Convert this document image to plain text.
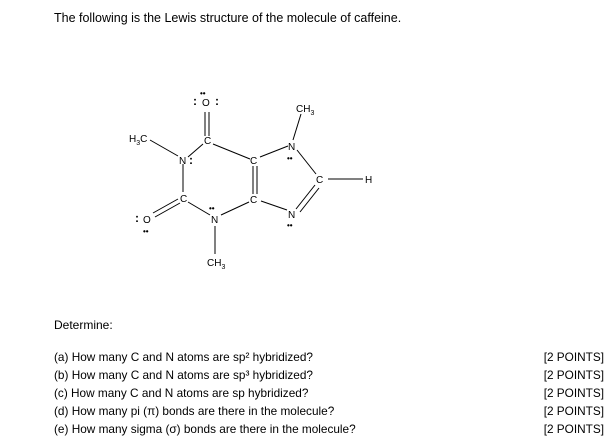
The following is the Lewis structure of the molecule of caffeine.
O
: :
••
$CH_3$
$H_3C$
N :
C
C
N
••
C	H
O
:
••
C
N
••
C
N
••
$CH_3$
Determine:
(a) How many C and N atoms are sp² hybridized?	[2 POINTS]
(b) How many C and N atoms are sp³ hybridized?	[2 POINTS]
(c) How many C and N atoms are sp hybridized?	[2 POINTS]
(d) How many pi (π) bonds are there in the molecule?	[2 POINTS]
(e) How many sigma (σ) bonds are there in the molecule?	[2 POINTS]
